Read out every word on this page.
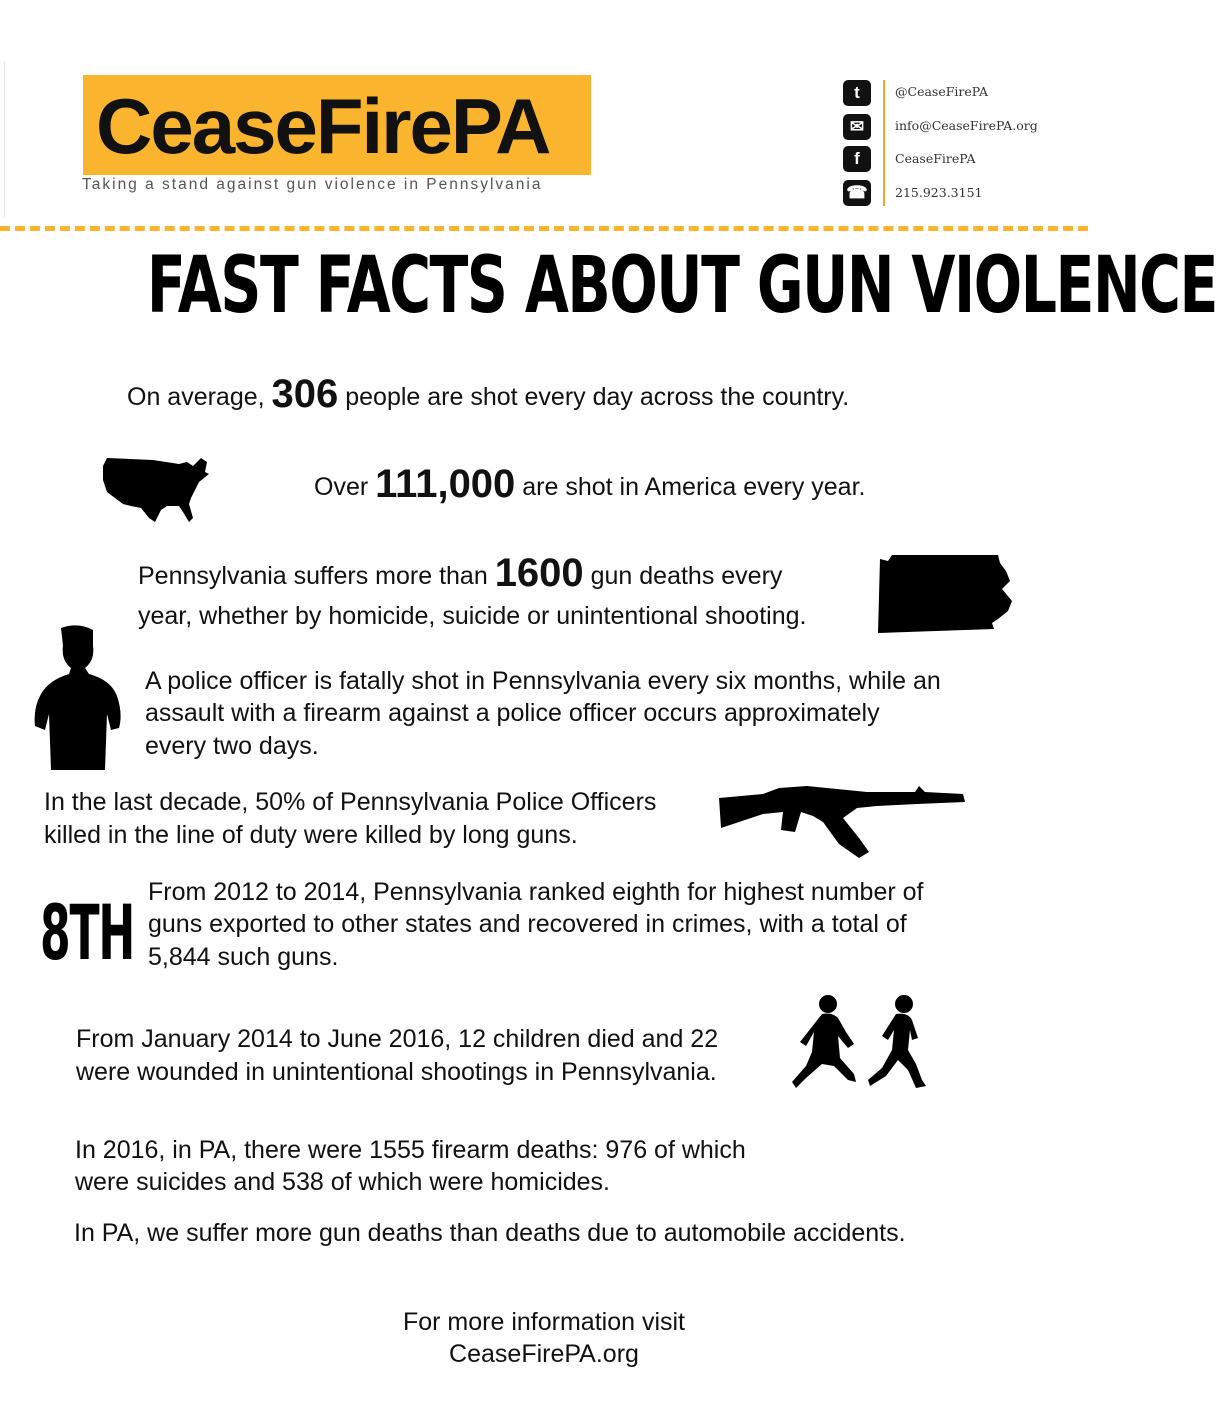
CeaseFirePA
Taking a stand against gun violence in Pennsylvania
t	@CeaseFirePA
✉	info@CeaseFirePA.org
f	CeaseFirePA
☎ 215.923.3151
FAST FACTS ABOUT GUN VIOLENCE
On average, 306 people are shot every day across the country.
Over 111,000 are shot in America every year.
Pennsylvania suffers more than 1600 gun deaths every
year, whether by homicide, suicide or unintentional shooting.
A police officer is fatally shot in Pennsylvania every six months, while an
assault with a firearm against a police officer occurs approximately
every two days.
In the last decade, 50% of Pennsylvania Police Officers
killed in the line of duty were killed by long guns.
8TH From 2012 to 2014, Pennsylvania ranked eighth for highest number of
guns exported to other states and recovered in crimes, with a total of
5,844 such guns.
From January 2014 to June 2016, 12 children died and 22
were wounded in unintentional shootings in Pennsylvania.
In 2016, in PA, there were 1555 firearm deaths: 976 of which
were suicides and 538 of which were homicides.
In PA, we suffer more gun deaths than deaths due to automobile accidents.
For more information visit
CeaseFirePA.org
